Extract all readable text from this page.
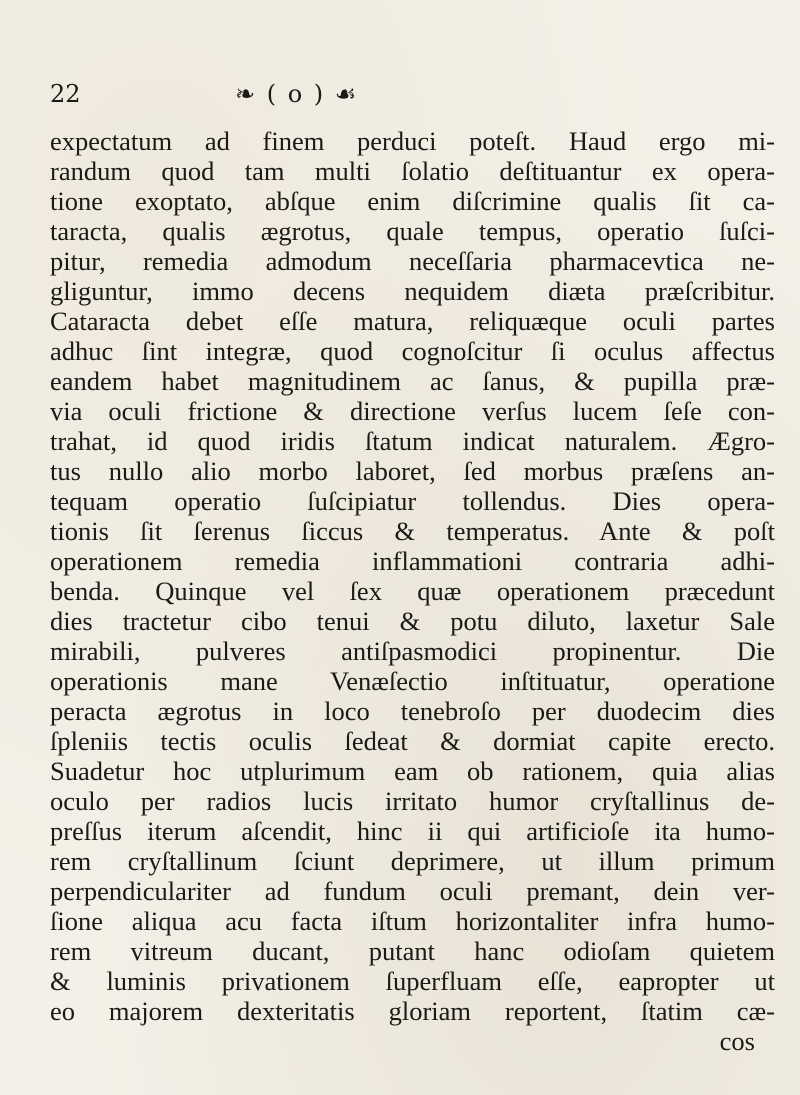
22	❧ ( o ) ☙
expectatum ad finem perduci poteſt. Haud ergo mi-
randum quod tam multi ſolatio deſtituantur ex opera-
tione exoptato, abſque enim diſcrimine qualis ſit ca-
taracta, qualis ægrotus, quale tempus, operatio ſuſci-
pitur, remedia admodum neceſſaria pharmacevtica ne-
gliguntur, immo decens nequidem diæta præſcribitur.
Cataracta debet eſſe matura, reliquæque oculi partes
adhuc ſint integræ, quod cognoſcitur ſi oculus affectus
eandem habet magnitudinem ac ſanus, & pupilla præ-
via oculi frictione & directione verſus lucem ſeſe con-
trahat, id quod iridis ſtatum indicat naturalem. Ægro-
tus nullo alio morbo laboret, ſed morbus præſens an-
tequam operatio ſuſcipiatur tollendus. Dies opera-
tionis ſit ſerenus ſiccus & temperatus. Ante & poſt
operationem remedia inflammationi contraria adhi-
benda. Quinque vel ſex quæ operationem præcedunt
dies tractetur cibo tenui & potu diluto, laxetur Sale
mirabili, pulveres antiſpasmodici propinentur. Die
operationis mane Venæſectio inſtituatur, operatione
peracta ægrotus in loco tenebroſo per duodecim dies
ſpleniis tectis oculis ſedeat & dormiat capite erecto.
Suadetur hoc utplurimum eam ob rationem, quia alias
oculo per radios lucis irritato humor cryſtallinus de-
preſſus iterum aſcendit, hinc ii qui artificioſe ita humo-
rem cryſtallinum ſciunt deprimere, ut illum primum
perpendiculariter ad fundum oculi premant, dein ver-
ſione aliqua acu facta iſtum horizontaliter infra humo-
rem vitreum ducant, putant hanc odioſam quietem
& luminis privationem ſuperfluam eſſe, eapropter ut
eo majorem dexteritatis gloriam reportent, ſtatim cæ-
cos
